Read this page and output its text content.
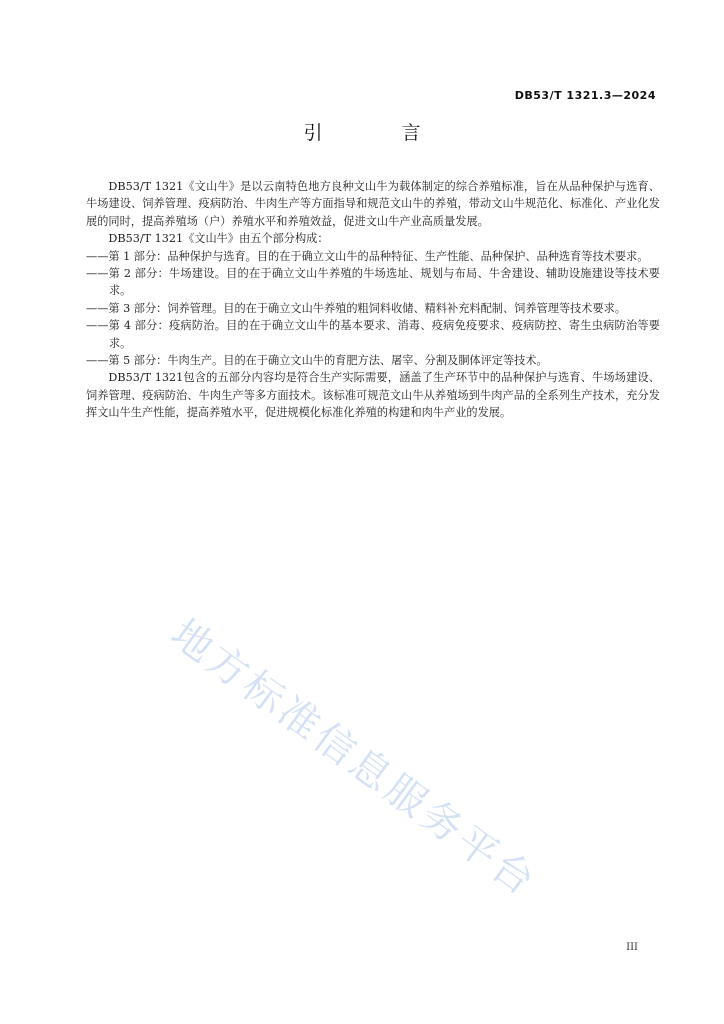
DB53/T 1321.3—2024
引　言

DB53/T 1321《文山牛》是以云南特色地方良种文山牛为载体制定的综合养殖标准，旨在从品种保护与选育、牛场建设、饲养管理、疫病防治、牛肉生产等方面指导和规范文山牛的养殖，带动文山牛规范化、标准化、产业化发展的同时，提高养殖场（户）养殖水平和养殖效益，促进文山牛产业高质量发展。

DB53/T 1321《文山牛》由五个部分构成：

——第 1 部分：品种保护与选育。目的在于确立文山牛的品种特征、生产性能、品种保护、品种选育等技术要求。

——第 2 部分：牛场建设。目的在于确立文山牛养殖的牛场选址、规划与布局、牛舍建设、辅助设施建设等技术要求。

——第 3 部分：饲养管理。目的在于确立文山牛养殖的粗饲料收储、精料补充料配制、饲养管理等技术要求。

——第 4 部分：疫病防治。目的在于确立文山牛的基本要求、消毒、疫病免疫要求、疫病防控、寄生虫病防治等要求。

——第 5 部分：牛肉生产。目的在于确立文山牛的育肥方法、屠宰、分割及胴体评定等技术。

DB53/T 1321包含的五部分内容均是符合生产实际需要，涵盖了生产环节中的品种保护与选育、牛场场建设、饲养管理、疫病防治、牛肉生产等多方面技术。该标准可规范文山牛从养殖场到牛肉产品的全系列生产技术，充分发挥文山牛生产性能，提高养殖水平，促进规模化标准化养殖的构建和肉牛产业的发展。

地方标准信息服务平台
III
